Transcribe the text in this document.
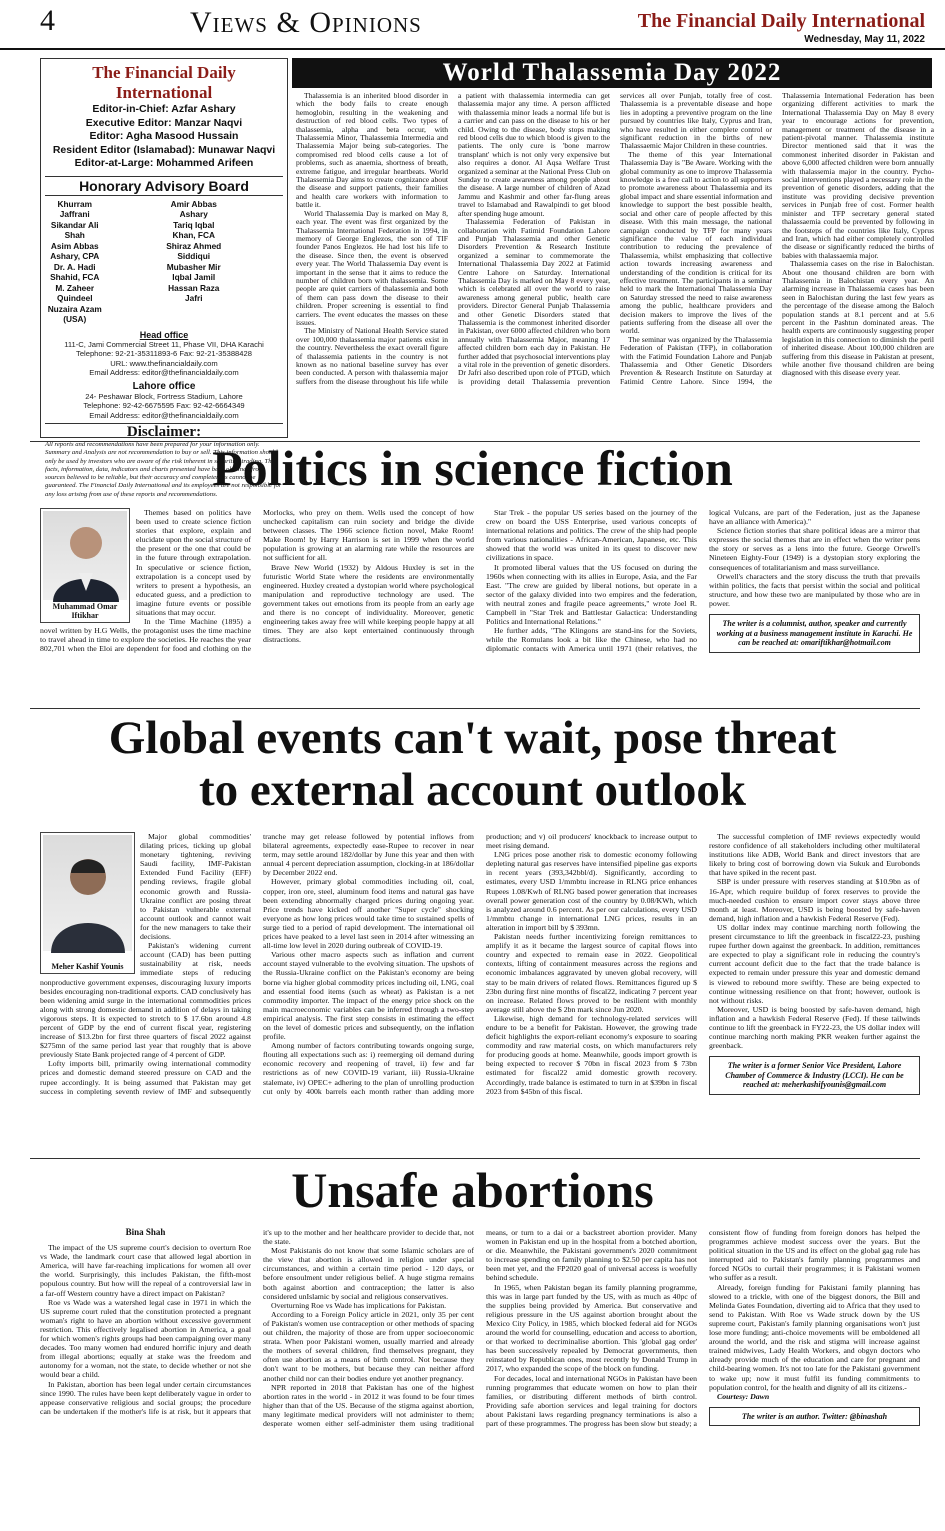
4	Views & Opinions	The Financial Daily International
Wednesday, May 11, 2022
The Financial Daily International
Editor-in-Chief: Azfar Ashary
Executive Editor: Manzar Naqvi
Editor: Agha Masood Hussain
Resident Editor (Islamabad): Munawar Naqvi
Editor-at-Large: Mohammed Arifeen
Honorary Advisory Board
Khurram Jaffrani
Sikandar Ali Shah
Asim Abbas Ashary, CPA
Dr. A. Hadi Shahid, FCA
M. Zaheer Quindeel
Nuzaira Azam (USA)
Amir Abbas Ashary
Tariq Iqbal Khan, FCA
Shiraz Ahmed Siddiqui
Mubasher Mir
Iqbal Jamil
Hassan Raza Jafri
Head office
111-C, Jami Commercial Street 11, Phase VII, DHA Karachi
Telephone: 92-21-35311893-6 Fax: 92-21-35388428
URL: www.thefinancialdaily.com
Email Address: editor@thefinancialdaily.com
Lahore office
24- Peshawar Block, Fortress Stadium, Lahore
Telephone: 92-42-6675595 Fax: 92-42-6664349
Email Address: editor@thefinancialdaily.com
Disclaimer:
All reports and recommendations have been prepared for your information only. Summary and Analysis are not recommendation to buy or sell. This information should only be used by investors who are aware of the risk inherent in securities trading. The facts, information, data, indicators and charts presented have been obtained from sources believed to be reliable, but their accuracy and completeness cannot be guaranteed. The Financial Daily International and its employees are not responsible for any loss arising from use of these reports and recommendations.
World Thalassemia Day 2022

Thalassemia is an inherited blood disorder in which the body fails to create enough hemoglobin, resulting in the weakening and destruction of red blood cells. Two types of thalassemia, alpha and beta occur, with Thalassemia Minor, Thalassemia Intermedia and Thalassemia Major being sub-categories. The compromised red blood cells cause a lot of problems, such as anaemia, shortness of breath, extreme fatigue, and irregular heartbeats. World Thalassemia Day aims to create cognizance about the disease and support patients, their families and health care workers with information to battle it.

World Thalassemia Day is marked on May 8, each year. The event was first organized by the Thalassemia International Federation in 1994, in memory of George Englezos, the son of TIF founder Panos Englezos. He had lost his life to the disease. Since then, the event is observed every year. The World Thalassemia Day event is important in the sense that it aims to reduce the number of children born with thalassemia. Some people are quiet carriers of thalassemia and both of them can pass down the disease to their children. Proper screening is essential to find carriers. The event educates the masses on these issues.

The Ministry of National Health Service stated over 100,000 thalassemia major patients exist in the country. Nevertheless the exact overall figure of thalassemia patients in the country is not known as no national baseline survey has ever been conducted. A person with thalassemia major suffers from the disease throughout his life while a patient with thalassemia intermedia can get thalassemia major any time. A person afflicted with thalassemia minor leads a normal life but is a carrier and can pass on the disease to his or her child. Owing to the disease, body stops making red blood cells due to which blood is given to the patients. The only cure is 'bone marrow transplant' which is not only very expensive but also requires a donor. Al Aqsa Welfare Trust organized a seminar at the National Press Club on Sunday to create awareness among people about the disease. A large number of children of Azad Jammu and Kashmir and other far-flung areas travel to Islamabad and Rawalpindi to get blood after spending huge amount.

Thalassemia Federation of Pakistan in collaboration with Fatimid Foundation Lahore and Punjab Thalassemia and other Genetic Disorders Prevention & Research Institute organized a seminar to commemorate the International Thalassemia Day 2022 at Fatimid Centre Lahore on Saturday. International Thalassemia Day is marked on May 8 every year, which is celebrated all over the world to raise awareness among general public, health care providers. Director General Punjab Thalassemia and other Genetic Disorders stated that Thalassemia is the commonest inherited disorder in Pakistan, over 6000 affected children who born annually with Thalassemia Major, meaning 17 affected children born each day in Pakistan. He further added that psychosocial interventions play a vital role in the prevention of genetic disorders. Dr Jafri also described upon role of PTGD, which is providing detail Thalassemia prevention services all over Punjab, totally free of cost. Thalassemia is a preventable disease and hope lies in adopting a preventive program on the line pursued by countries like Italy, Cyprus and Iran, who have resulted in either complete control or significant reduction in the births of new Thalassaemic Major Children in these countries.

The theme of this year International Thalassemia Day is "Be Aware. Working with the global community as one to improve Thalassemia knowledge is a free call to action to all supporters to promote awareness about Thalassemia and its global impact and share essential information and knowledge to support the best possible health, social and other care of people affected by this disease. With this main message, the national campaign conducted by TFP for many years significance the value of each individual contribution to reducing the prevalence of Thalassemia, whilst emphasizing that collective action towards increasing awareness and understanding of the condition is critical for its effective treatment. The participants in a seminar held to mark the International Thalassemia Day on Saturday stressed the need to raise awareness among the public, healthcare providers and decision makers to improve the lives of the patients suffering from the disease all over the world.

The seminar was organized by the Thalassemia Federation of Pakistan (TFP), in collaboration with the Fatimid Foundation Lahore and Punjab Thalassemia and Other Genetic Disorders Prevention & Research Institute on Saturday at Fatimid Centre Lahore. Since 1994, the Thalassemia International Federation has been organizing different activities to mark the International Thalassemia Day on May 8 every year to encourage actions for prevention, management or treatment of the disease in a patient-pivotal manner. Thalassemia institute Director mentioned said that it was the commonest inherited disorder in Pakistan and above 6,000 affected children were born annually with thalassemia major in the country. Pycho-social interventions played a necessary role in the prevention of genetic disorders, adding that the institute was providing decisive prevention services in Punjab free of cost. Former health minister and TFP secretary general stated thalassaemia could be prevented by following in the footsteps of the countries like Italy, Cyprus and Iran, which had either completely controlled the disease or significantly reduced the births of babies with thalassaemia major.

Thalassemia cases on the rise in Balochistan. About one thousand children are born with Thalassemia in Balochistan every year. An alarming increase in Thalassemia cases has been seen in Balochistan during the last few years as the percentage of the disease among the Baloch population stands at 8.1 percent and at 5.6 percent in the Pashtun dominated areas. The health experts are continuously suggesting proper legislation in this connection to diminish the peril of inherited disease. About 100,000 children are suffering from this disease in Pakistan at present, while another five thousand children are being diagnosed with this disease every year.

Politics in science fiction
Muhammad Omar Iftikhar

Themes based on politics have been used to create science fiction stories that explore, explain and elucidate upon the social structure of the present or the one that could be in the future through extrapolation. In speculative or science fiction, extrapolation is a concept used by writers to present a hypothesis, an educated guess, and a prediction to imagine future events or possible situations that may occur.

In the Time Machine (1895) a novel written by H.G Wells, the protagonist uses the time machine to travel ahead in time to explore the societies. He reaches the year 802,701 when the Eloi are dependent for food and clothing on the Morlocks, who prey on them. Wells used the concept of how unchecked capitalism can ruin society and bridge the divide between classes. The 1966 science fiction novel, Make Room! Make Room! by Harry Harrison is set in 1999 when the world population is growing at an alarming rate while the resources are not sufficient for all.

Brave New World (1932) by Aldous Huxley is set in the futuristic World State where the residents are environmentally engineered. Huxley created a dystopian world where psychological manipulation and reproductive technology are used. The government takes out emotions from its people from an early age and there is no concept of individuality. Moreover, genetic engineering takes away free will while keeping people happy at all times. They are also kept entertained continuously through distractions.

Star Trek - the popular US series based on the journey of the crew on board the USS Enterprise, used various concepts of international relations and politics. The crew of the ship had people from various nationalities - African-American, Japanese, etc. This showed that the world was united in its quest to discover new civilizations in space.

It promoted liberal values that the US focused on during the 1960s when connecting with its allies in Europe, Asia, and the Far East. "The crew are guided by liberal notions, but operate in a sector of the galaxy divided into two empires and the federation, with neutral zones and fragile peace agreements," wrote Joel R. Campbell in "Star Trek and Battlestar Galactica: Understanding Politics and International Relations."

He further adds, "The Klingons are stand-ins for the Soviets, while the Romulans look a bit like the Chinese, who had no diplomatic contacts with America until 1971 (their relatives, the logical Vulcans, are part of the Federation, just as the Japanese have an alliance with America)."

Science fiction stories that share political ideas are a mirror that expresses the social themes that are in effect when the writer pens the story or serves as a lens into the future. George Orwell's Nineteen Eighty-Four (1949) is a dystopian story exploring the consequences of totalitarianism and mass surveillance.

Orwell's characters and the story discuss the truth that prevails within politics, the facts that persist within the social and political structure, and how these two are manipulated by those who are in power.

The writer is a columnist, author, speaker and currently working at a business management institute in Karachi. He can be reached at: omariftikhar@hotmail.com
Global events can't wait, pose threat
to external account outlook
Meher Kashif Younis

Major global commodities' dilating prices, ticking up global monetary tightening, reviving Saudi facility, IMF-Pakistan Extended Fund Facility (EFF) pending reviews, fragile global economic growth and Russia-Ukraine conflict are posing threat to Pakistan vulnerable external account outlook and cannot wait for the new managers to take their decisions.

Pakistan's widening current account (CAD) has been putting sustainability at risk, needs immediate steps of reducing nonproductive government expenses, discouraging luxury imports besides encouraging non-traditional exports. CAD conclusively has been widening amid surge in the international commodities prices along with strong domestic demand in addition of delays in taking vigorous steps. It is expected to stretch to $ 17.6bn around 4.8 percent of GDP by the end of current fiscal year, registering increase of $13.2bn for first three quarters of fiscal 2022 against $275mn of the same period last year that roughly that is above previously State Bank projected range of 4 percent of GDP.

Lofty imports bill, primarily owing international commodity prices and domestic demand steered pressure on CAD and the rupee accordingly. It is being assumed that Pakistan may get success in completing seventh review of IMF and subsequently tranche may get release followed by potential inflows from bilateral agreements, expectedly ease-Rupee to recover in near term, may settle around 182/dollar by June this year and then with annual 4 percent depreciation assumption, clocking-in at 186/dollar by December 2022 end.

However, primary global commodities including oil, coal, copper, iron ore, steel, aluminum food items and natural gas have been extending abnormally charged prices during ongoing year. Price trends have kicked off another "Super cycle" shocking everyone as how long prices would take time to sustained spells of surge tied to a period of rapid development. The international oil prices have peaked to a level last seen in 2014 after witnessing an all-time low level in 2020 during outbreak of COVID-19.

Various other macro aspects such as inflation and current account stayed vulnerable to the evolving situation. The upshots of the Russia-Ukraine conflict on the Pakistan's economy are being borne via higher global commodity prices including oil, LNG, coal and essential food items (such as wheat) as Pakistan is a net commodity importer. The impact of the energy price shock on the main macroeconomic variables can be inferred through a two-step empirical analysis. The first step consists in estimating the effect on the level of domestic prices and subsequently, on the inflation profile.

Among number of factors contributing towards ongoing surge, flouting all expectations such as: i) reemerging oil demand during economic recovery and reopening of travel, ii) few and far restrictions as of new COVID-19 variant, iii) Russia-Ukraine stalemate, iv) OPEC+ adhering to the plan of unrolling production cut only by 400k barrels each month rather than adding more production; and v) oil producers' knockback to increase output to meet rising demand.

LNG prices pose another risk to domestic economy following depleting natural gas reserves have intensified pipeline gas exports in recent years (393,342bbl/d). Significantly, according to estimates, every USD 1/mmbtu increase in RLNG price enhances Rupees 1.08/Kwh of RLNG based power generation that increases overall power generation cost of the country by 0.08/KWh, which is analyzed around 0.6 percent. As per our calculations, every USD 1/mmbtu change in international LNG prices, results in an alteration in import bill by $ 393mn.

Pakistan needs further incentivizing foreign remittances to amplify it as it became the largest source of capital flows into country and expected to remain ease in 2022. Geopolitical contexts, lifting of containment measures across the regions and economic imbalances aggravated by uneven global recovery, will stay to be main drivers of related flows. Remittances figured up $ 23bn during first nine months of fiscal22, indicating 7 percent year on increase. Related flows proved to be resilient with monthly average still above the $ 2bn mark since Jun 2020.

Likewise, high demand for technology-related services will endure to be a benefit for Pakistan. However, the growing trade deficit highlights the export-reliant economy's exposure to soaring commodity and raw material costs, on which manufacturers rely for producing goods at home. Meanwhile, goods import growth is being expected to recover $ 70bn in fiscal 2023 from $ 73bn estimated for fiscal22 amid domestic growth recovery. Accordingly, trade balance is estimated to turn in at $39bn in fiscal 2023 from $45bn of this fiscal.

The successful completion of IMF reviews expectedly would restore confidence of all stakeholders including other multilateral institutions like ADB, World Bank and direct investors that are likely to bring cost of borrowing down via Sukuk and Eurobonds that have spiked in the recent past.

SBP is under pressure with reserves standing at $10.9bn as of 16-Apr, which require buildup of forex reserves to provide the much-needed cushion to ensure import cover stays above three month at least. Moreover, USD is being boosted by safe-haven demand, high inflation and a hawkish Federal Reserve (Fed).

US dollar index may continue marching north following the present circumstance to lift the greenback in fiscal22-23, pushing rupee further down against the greenback. In addition, remittances are expected to play a significant role in reducing the country's current account deficit due to the fact that the trade balance is expected to remain under pressure this year and domestic demand is viewed to rebound more swiftly. These are being expected to continue witnessing resilience on that front; however, outlook is not without risks.

Moreover, USD is being boosted by safe-haven demand, high inflation and a hawkish Federal Reserve (Fed). If these tailwinds continue to lift the greenback in FY22-23, the US dollar index will continue marching north making PKR weaken further against the greenback.

The writer is a former Senior Vice President, Lahore Chamber of Commerce & Industry (LCCI). He can be reached at: meherkashifyounis@gmail.com
Unsafe abortions
Bina Shah

The impact of the US supreme court's decision to overturn Roe vs Wade, the landmark court case that allowed legal abortion in America, will have far-reaching implications for women all over the world. Surprisingly, this includes Pakistan, the fifth-most populous country. But how will the repeal of a controversial law in a far-off Western country have a direct impact on Pakistan?

Roe vs Wade was a watershed legal case in 1971 in which the US supreme court ruled that the constitution protected a pregnant woman's right to have an abortion without excessive government restriction. This effectively legalised abortion in America, a goal for which women's rights groups had been campaigning over many decades. Too many women had endured horrific injury and death from illegal abortions; equally at stake was the freedom and autonomy for a woman, not the state, to decide whether or not she would bear a child.

In Pakistan, abortion has been legal under certain circumstances since 1990. The rules have been kept deliberately vague in order to appease conservative religious and social groups; the procedure can be undertaken if the mother's life is at risk, but it appears that it's up to the mother and her healthcare provider to decide that, not the state.

Most Pakistanis do not know that some Islamic scholars are of the view that abortion is allowed in religion under special circumstances, and within a certain time period - 120 days, or before ensoulment under religious belief. A huge stigma remains both against abortion and contraception; the latter is also considered unIslamic by social and religious conservatives.

Overturning Roe vs Wade has implications for Pakistan.

According to a Foreign Policy article in 2021, only 35 per cent of Pakistan's women use contraception or other methods of spacing out children, the majority of those are from upper socioeconomic strata. When poor Pakistani women, usually married and already the mothers of several children, find themselves pregnant, they often use abortion as a means of birth control. Not because they don't want to be mothers, but because they can neither afford another child nor can their bodies endure yet another pregnancy.

NPR reported in 2018 that Pakistan has one of the highest abortion rates in the world - in 2012 it was found to be four times higher than that of the US. Because of the stigma against abortion, many legitimate medical providers will not administer to them; desperate women either self-administer them using traditional means, or turn to a dai or a backstreet abortion provider. Many women in Pakistan end up in the hospital from a botched abortion, or die. Meanwhile, the Pakistani government's 2020 commitment to increase spending on family planning to $2.50 per capita has not been met yet, and the FP2020 goal of universal access is woefully behind schedule.

In 1965, when Pakistan began its family planning programme, this was in large part funded by the US, with as much as 40pc of the supplies being provided by America. But conservative and religious pressure in the US against abortion brought about the Mexico City Policy, in 1985, which blocked federal aid for NGOs around the world for counselling, education and access to abortion, or that worked to decriminalise abortion. This 'global gag order' has been successively repealed by Democrat governments, then reinstated by Republican ones, most recently by Donald Trump in 2017, who expanded the scope of the block on funding.

For decades, local and international NGOs in Pakistan have been running programmes that educate women on how to plan their families, or distributing different methods of birth control. Providing safe abortion services and legal training for doctors about Pakistani laws regarding pregnancy terminations is also a part of these programmes. The progress has been slow but steady; a consistent flow of funding from foreign donors has helped the programmes achieve modest success over the years. But the political situation in the US and its effect on the global gag rule has interrupted aid to Pakistan's family planning programmes and forced NGOs to curtail their programmes; it is Pakistani women who suffer as a result.

Already, foreign funding for Pakistani family planning has slowed to a trickle, with one of the biggest donors, the Bill and Melinda Gates Foundation, diverting aid to Africa that they used to send to Pakistan. With Roe vs Wade struck down by the US supreme court, Pakistan's family planning organisations won't just lose more funding; anti-choice movements will be emboldened all around the world, and the risk and stigma will increase against trained midwives, Lady Health Workers, and obgyn doctors who already provide much of the education and care for pregnant and child-bearing women. It's not too late for the Pakistani government to wake up; now it must fulfil its funding commitments to population control, for the health and dignity of all its citizens.-

Courtesy: Dawn

The writer is an author. Twitter: @binashah
